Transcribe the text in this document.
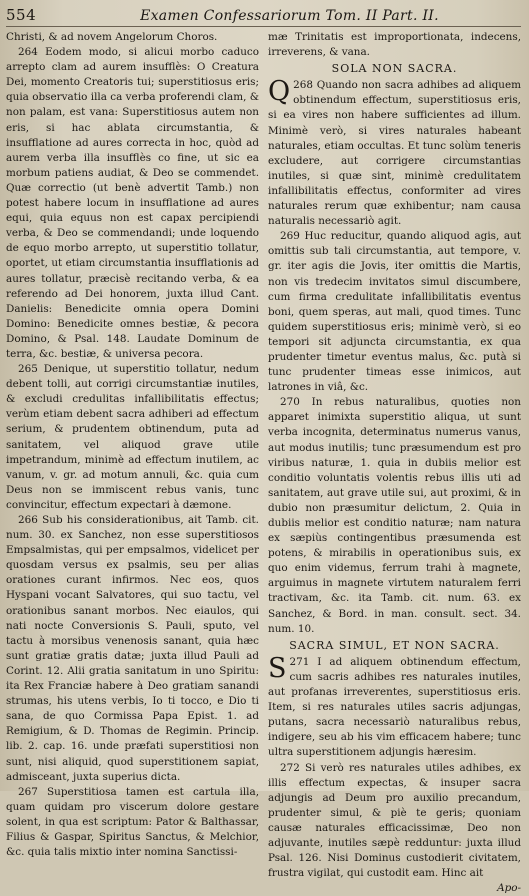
554	Examen Confessariorum Tom. II Part. II.

Christi, & ad novem Angelorum Choros.

264 Eodem modo, si alicui morbo caduco arrepto clam ad aurem insufflès: O Creatura Dei, momento Creatoris tui; superstitiosus eris; quia observatio illa ca verba proferendi clam, & non palam, est vana: Superstitiosus autem non eris, si hac ablata circumstantia, & insufflatione ad aures correcta in hoc, quòd ad aurem verba illa insufflès co fine, ut sic ea morbum patiens audiat, & Deo se commendet. Quæ correctio (ut benè advertit Tamb.) non potest habere locum in insufflatione ad aures equi, quia equus non est capax percipiendi verba, & Deo se commendandi; unde loquendo de equo morbo arrepto, ut superstitio tollatur, oportet, ut etiam circumstantia insufflationis ad aures tollatur, præcisè recitando verba, & ea referendo ad Dei honorem, juxta illud Cant. Danielis: Benedicite omnia opera Domini Domino: Benedicite omnes bestiæ, & pecora Domino, & Psal. 148. Laudate Dominum de terra, &c. bestiæ, & universa pecora.

265 Denique, ut superstitio tollatur, nedum debent tolli, aut corrigi circumstantiæ inutiles, & excludi credulitas infallibilitatis effectus; verùm etiam debent sacra adhiberi ad effectum serium, & prudentem obtinendum, puta ad sanitatem, vel aliquod grave utile impetrandum, minimè ad effectum inutilem, ac vanum, v. gr. ad motum annuli, &c. quia cum Deus non se immiscent rebus vanis, tunc convincitur, effectum expectari à dæmone.

266 Sub his considerationibus, ait Tamb. cit. num. 30. ex Sanchez, non esse superstitiosos Empsalmistas, qui per empsalmos, videlicet per quosdam versus ex psalmis, seu per alias orationes curant infirmos. Nec eos, quos Hyspani vocant Salvatores, qui suo tactu, vel orationibus sanant morbos. Nec eiaulos, qui nati nocte Conversionis S. Pauli, sputo, vel tactu à morsibus venenosis sanant, quia hæc sunt gratiæ gratis datæ; juxta illud Pauli ad Corint. 12. Alii gratia sanitatum in uno Spiritu: ita Rex Franciæ habere à Deo gratiam sanandi strumas, his utens verbis, Io ti tocco, e Dio ti sana, de quo Cormissa Papa Epist. 1. ad Remigium, & D. Thomas de Regimin. Princip. lib. 2. cap. 16. unde præfati superstitiosi non sunt, nisi aliquid, quod superstitionem sapiat, admisceant, juxta superius dicta.

267 Superstitiosa tamen est cartula illa, quam quidam pro viscerum dolore gestare solent, in qua est scriptum: Pator & Balthassar, Filius & Gaspar, Spiritus Sanctus, & Melchior, &c. quia talis mixtio inter nomina Sanctissi-

mæ Trinitatis est improportionata, indecens, irreverens, & vana.

SOLA NON SACRA.

Q 268 Quando non sacra adhibes ad aliquem obtinendum effectum, superstitiosus eris, si ea vires non habere sufficientes ad illum. Minimè verò, si vires naturales habeant naturales, etiam occultas. Et tunc solùm teneris excludere, aut corrigere circumstantias inutiles, si quæ sint, minimè credulitatem infallibilitatis effectus, conformiter ad vires naturales rerum quæ exhibentur; nam causa naturalis necessariò agit.

269 Huc reducitur, quando aliquod agis, aut omittis sub tali circumstantia, aut tempore, v. gr. iter agis die Jovis, iter omittis die Martis, non vis tredecim invitatos simul discumbere, cum firma credulitate infallibilitatis eventus boni, quem speras, aut mali, quod times. Tunc quidem superstitiosus eris; minimè verò, si eo tempori sit adjuncta circumstantia, ex qua prudenter timetur eventus malus, &c. putà si tunc prudenter timeas esse inimicos, aut latrones in viâ, &c.

270 In rebus naturalibus, quoties non apparet inimixta superstitio aliqua, ut sunt verba incognita, determinatus numerus vanus, aut modus inutilis; tunc præsumendum est pro viribus naturæ, 1. quia in dubiis melior est conditio voluntatis volentis rebus illis uti ad sanitatem, aut grave utile sui, aut proximi, & in dubio non præsumitur delictum, 2. Quia in dubiis melior est conditio naturæ; nam natura ex sæpiùs contingentibus præsumenda est potens, & mirabilis in operationibus suis, ex quo enim videmus, ferrum trahi à magnete, arguimus in magnete virtutem naturalem ferri tractivam, &c. ita Tamb. cit. num. 63. ex Sanchez, & Bord. in man. consult. sect. 34. num. 10.

SACRA SIMUL, ET NON SACRA.

S 271 I ad aliquem obtinendum effectum, cum sacris adhibes res naturales inutiles, aut profanas irreverentes, superstitiosus eris. Item, si res naturales utiles sacris adjungas, putans, sacra necessariò naturalibus rebus, indigere, seu ab his vim efficacem habere; tunc ultra superstitionem adjungis hæresim.

272 Si verò res naturales utiles adhibes, ex illis effectum expectas, & insuper sacra adjungis ad Deum pro auxilio precandum, prudenter simul, & piè te geris; quoniam causæ naturales efficacissimæ, Deo non adjuvante, inutiles sæpè redduntur: juxta illud Psal. 126. Nisi Dominus custodierit civitatem, frustra vigilat, qui custodit eam. Hinc ait

Apo-
